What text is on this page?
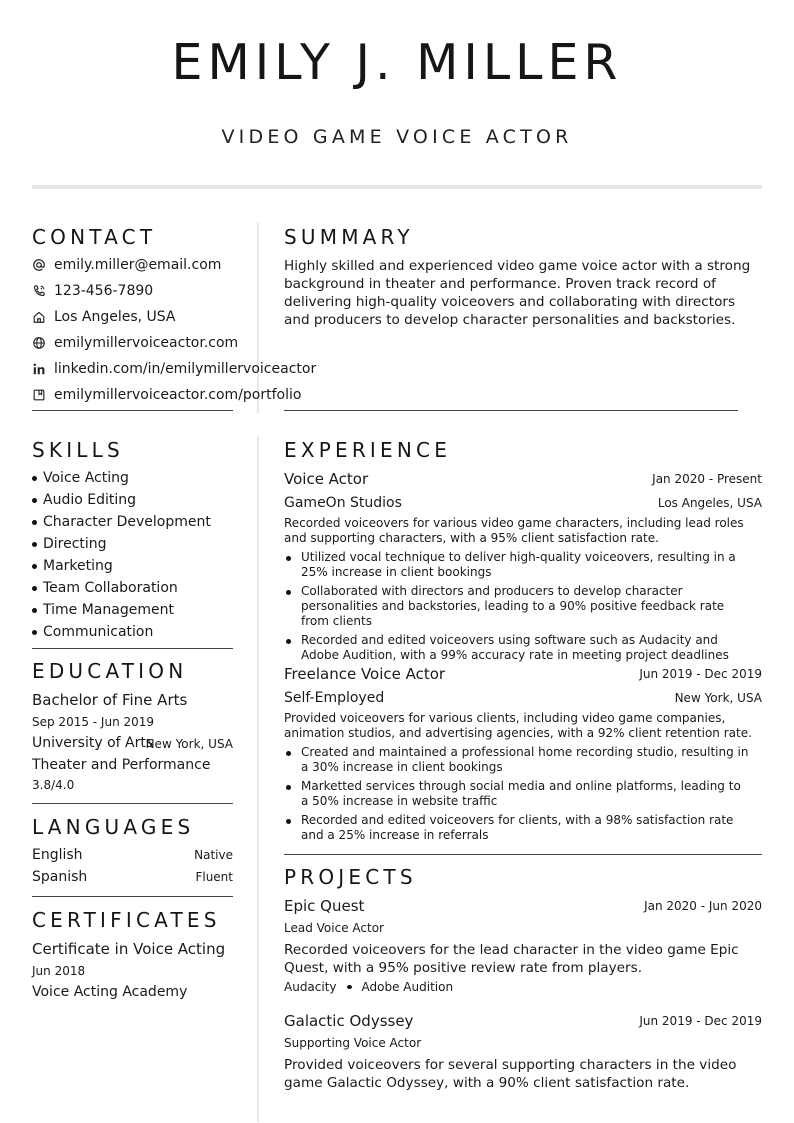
EMILY J. MILLER
VIDEO GAME VOICE ACTOR
CONTACT
emily.miller@email.com
123-456-7890
Los Angeles, USA
emilymillervoiceactor.com
linkedin.com/in/emilymillervoiceactor
emilymillervoiceactor.com/portfolio
SUMMARY
Highly skilled and experienced video game voice actor with a strong background in theater and performance. Proven track record of delivering high-quality voiceovers and collaborating with directors and producers to develop character personalities and backstories.
SKILLS
Voice Acting
Audio Editing
Character Development
Directing
Marketing
Team Collaboration
Time Management
Communication
EDUCATION
Bachelor of Fine Arts
Sep 2015 - Jun 2019
University of Arts
New York, USA
Theater and Performance
3.8/4.0
LANGUAGES
English	Native
Spanish	Fluent
CERTIFICATES
Certificate in Voice Acting
Jun 2018
Voice Acting Academy
EXPERIENCE
Voice Actor	Jan 2020 - Present
GameOn Studios	Los Angeles, USA
Recorded voiceovers for various video game characters, including lead roles and supporting characters, with a 95% client satisfaction rate.
Utilized vocal technique to deliver high-quality voiceovers, resulting in a 25% increase in client bookings
Collaborated with directors and producers to develop character personalities and backstories, leading to a 90% positive feedback rate from clients
Recorded and edited voiceovers using software such as Audacity and Adobe Audition, with a 99% accuracy rate in meeting project deadlines
Freelance Voice Actor	Jun 2019 - Dec 2019
Self-Employed	New York, USA
Provided voiceovers for various clients, including video game companies, animation studios, and advertising agencies, with a 92% client retention rate.
Created and maintained a professional home recording studio, resulting in a 30% increase in client bookings
Marketted services through social media and online platforms, leading to a 50% increase in website traffic
Recorded and edited voiceovers for clients, with a 98% satisfaction rate and a 25% increase in referrals
PROJECTS
Epic Quest	Jan 2020 - Jun 2020
Lead Voice Actor
Recorded voiceovers for the lead character in the video game Epic Quest, with a 95% positive review rate from players.
Audacity Adobe Audition
Galactic Odyssey	Jun 2019 - Dec 2019
Supporting Voice Actor
Provided voiceovers for several supporting characters in the video game Galactic Odyssey, with a 90% client satisfaction rate.
